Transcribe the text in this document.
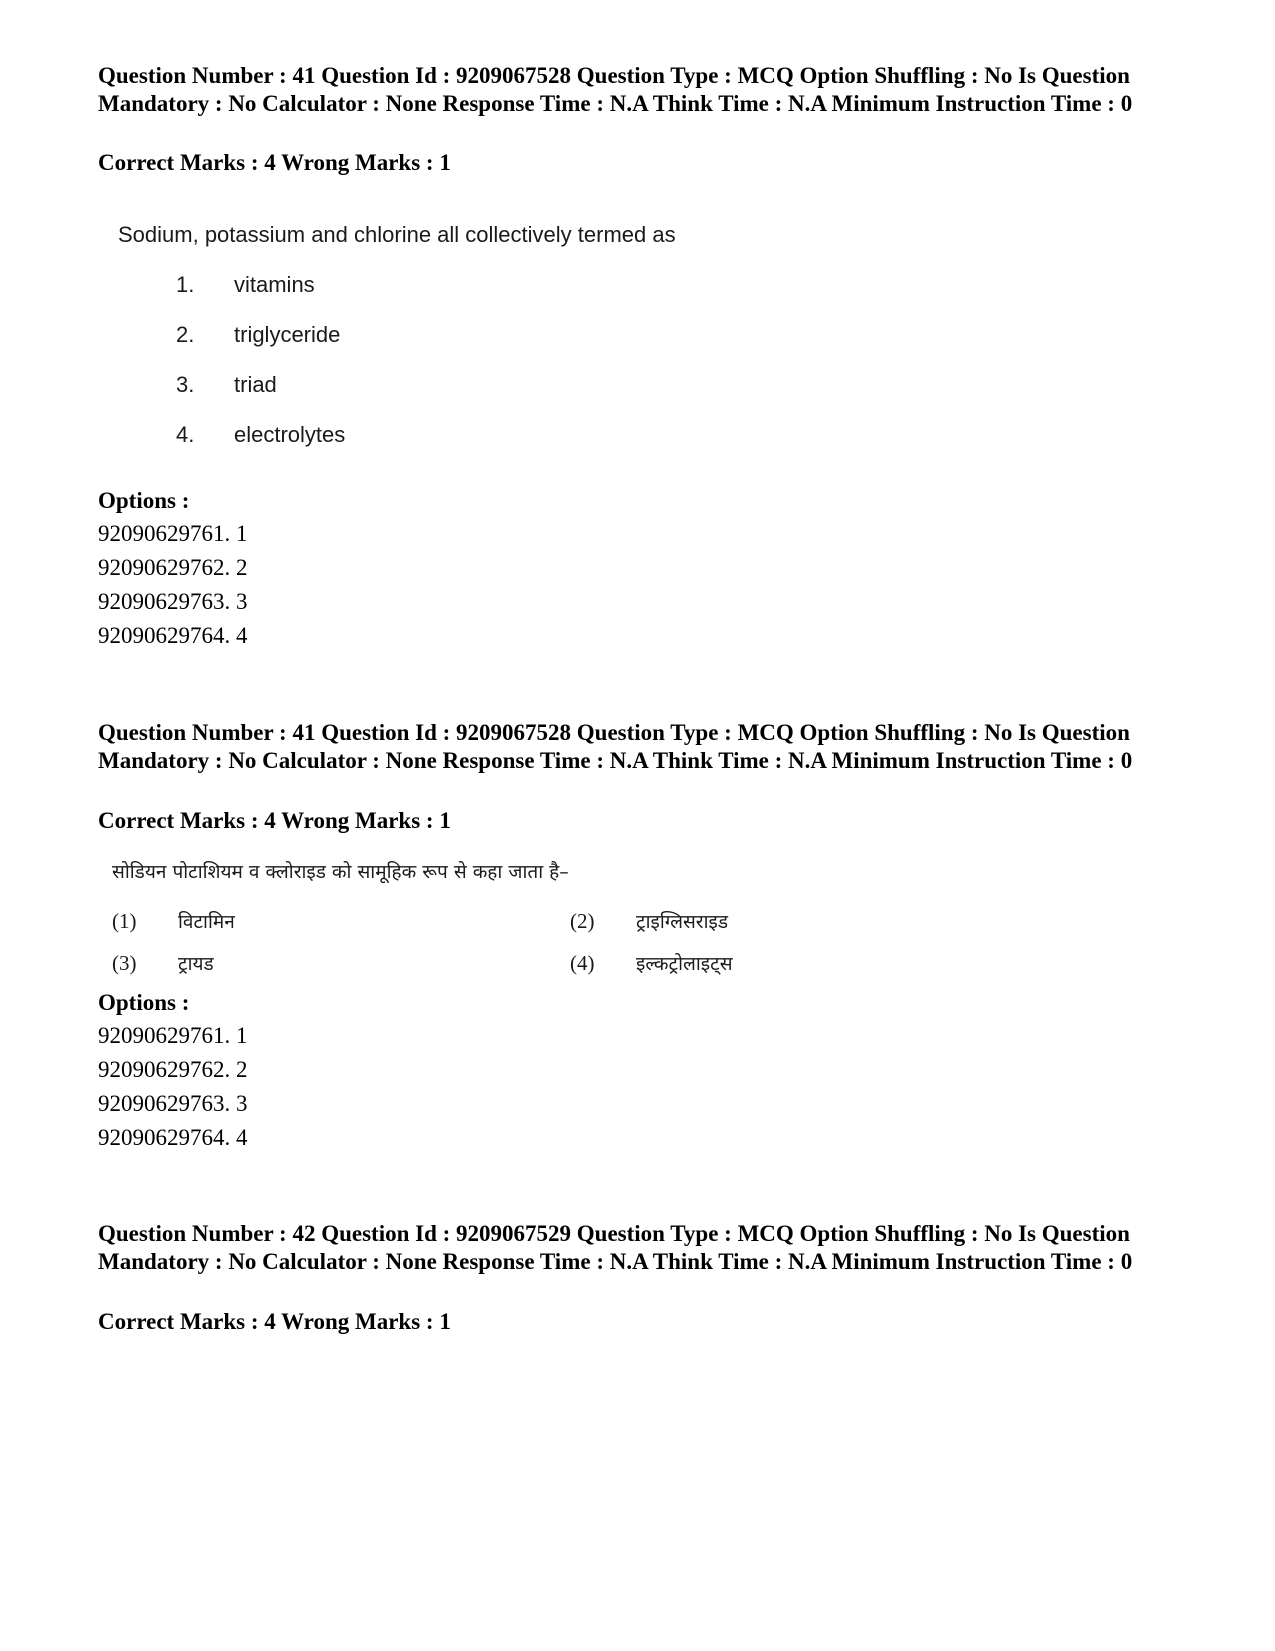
Question Number : 41 Question Id : 9209067528 Question Type : MCQ Option Shuffling : No Is Question Mandatory : No Calculator : None Response Time : N.A Think Time : N.A Minimum Instruction Time : 0
Correct Marks : 4 Wrong Marks : 1
Sodium, potassium and chlorine all collectively termed as
1. vitamins
2. triglyceride
3. triad
4. electrolytes
Options :
92090629761. 1
92090629762. 2
92090629763. 3
92090629764. 4
Question Number : 41 Question Id : 9209067528 Question Type : MCQ Option Shuffling : No Is Question Mandatory : No Calculator : None Response Time : N.A Think Time : N.A Minimum Instruction Time : 0
Correct Marks : 4 Wrong Marks : 1
सोडियन पोटाशियम व क्लोराइड को सामूहिक रूप से कहा जाता है–
(1) विटामिन	(2) ट्राइग्लिसराइड
(3) ट्रायड	(4) इल्कट्रोलाइट्स
Options :
92090629761. 1
92090629762. 2
92090629763. 3
92090629764. 4
Question Number : 42 Question Id : 9209067529 Question Type : MCQ Option Shuffling : No Is Question Mandatory : No Calculator : None Response Time : N.A Think Time : N.A Minimum Instruction Time : 0
Correct Marks : 4 Wrong Marks : 1
